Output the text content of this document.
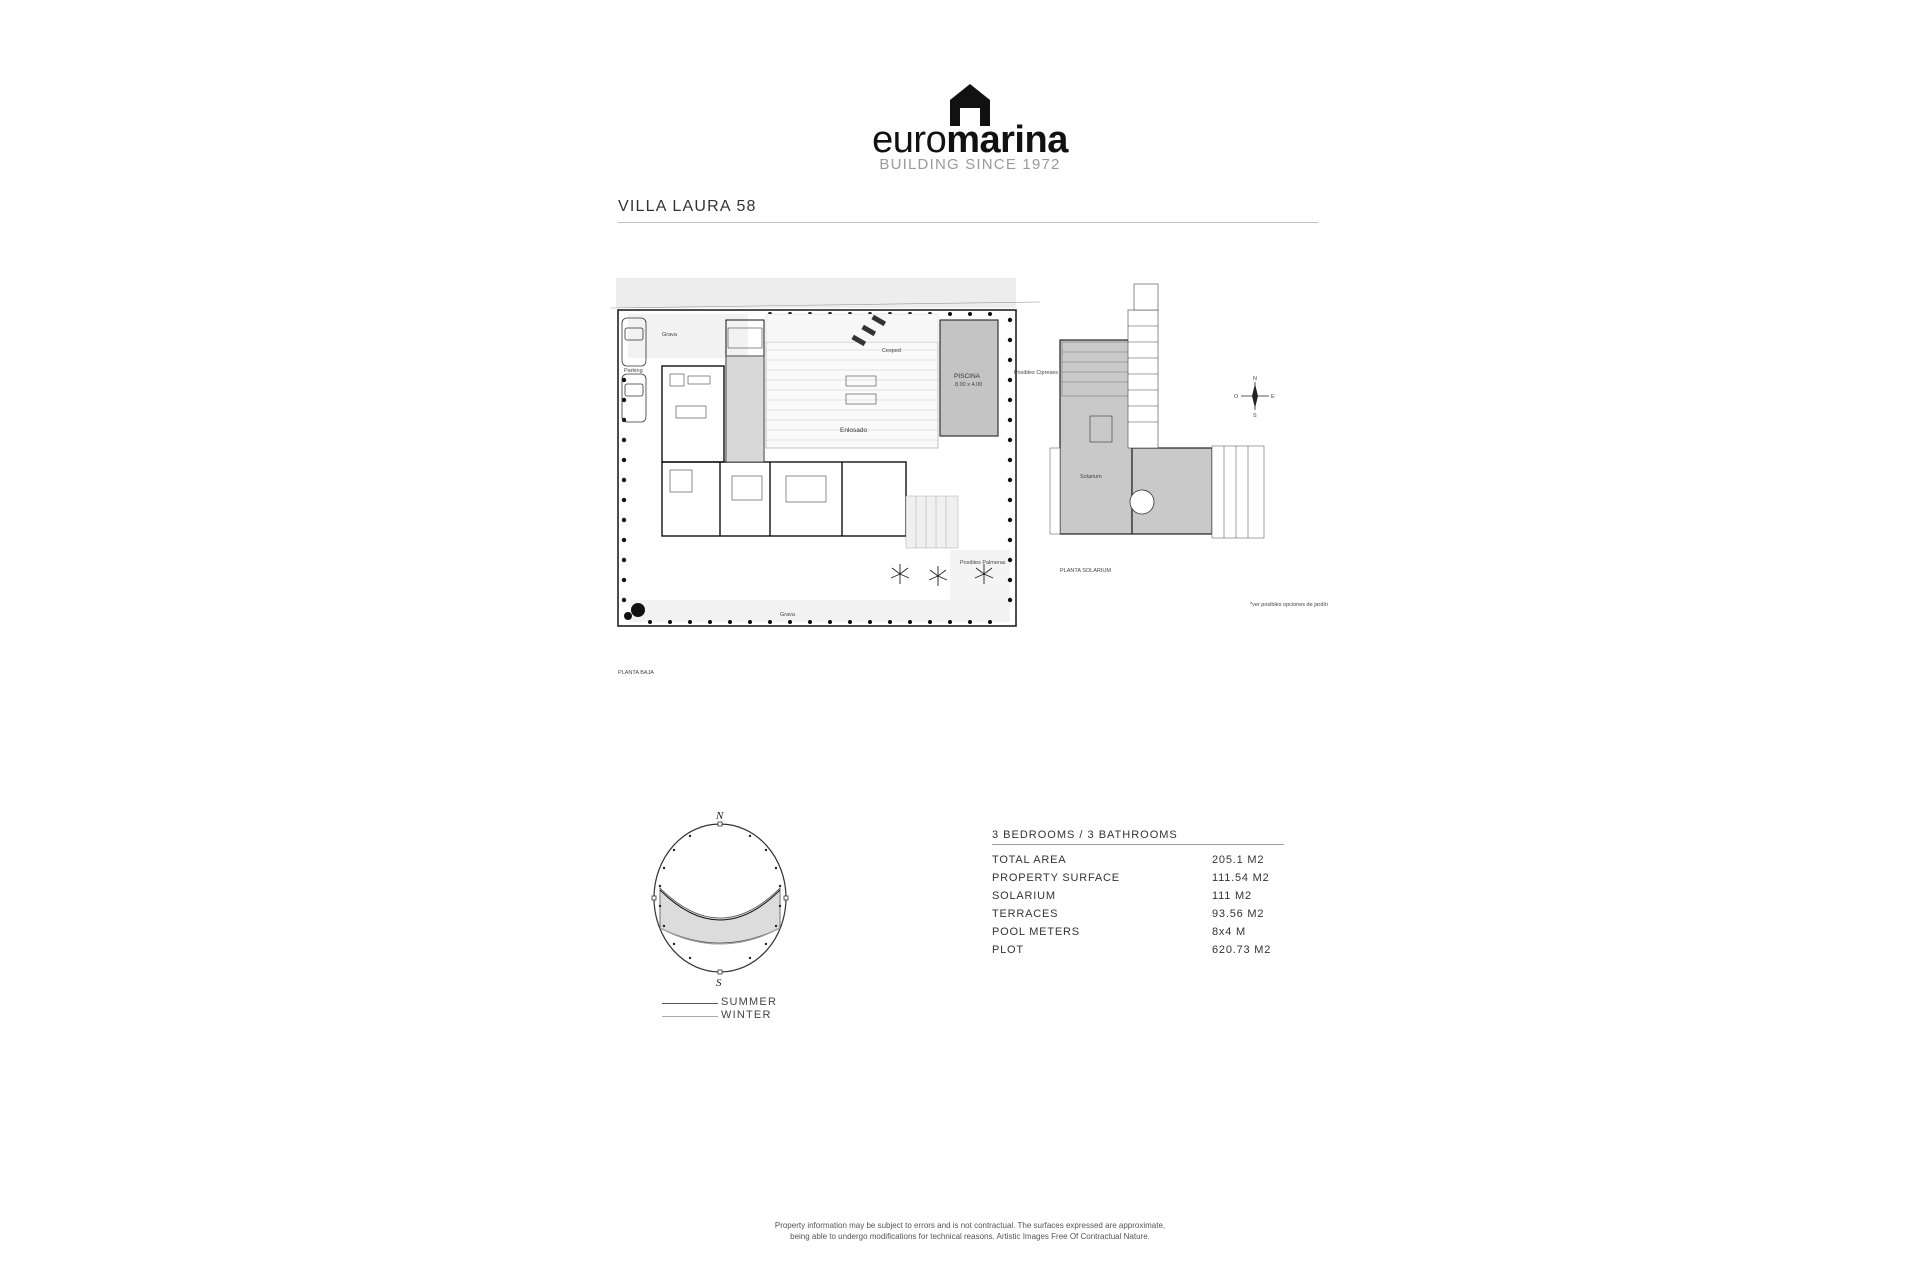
euromarina
BUILDING SINCE 1972
VILLA LAURA 58
Parking
Grava
Enlosado
Cesped
PISCINA
8.00 x 4.00
Posibles Cipreses
Posibles Palmeras
Grava
PLANTA BAJA
Solarium
PLANTA SOLARIUM
*ver posibles opciones de jardín
N
S
E
O
N
S
SUMMER
WINTER
3 BEDROOMS / 3 BATHROOMS
TOTAL AREA	205.1 M2
PROPERTY SURFACE	111.54 M2
SOLARIUM	111 M2
TERRACES	93.56 M2
POOL METERS	8x4 M
PLOT	620.73 M2
Property information may be subject to errors and is not contractual. The surfaces expressed are approximate,
being able to undergo modifications for technical reasons. Artistic Images Free Of Contractual Nature.
